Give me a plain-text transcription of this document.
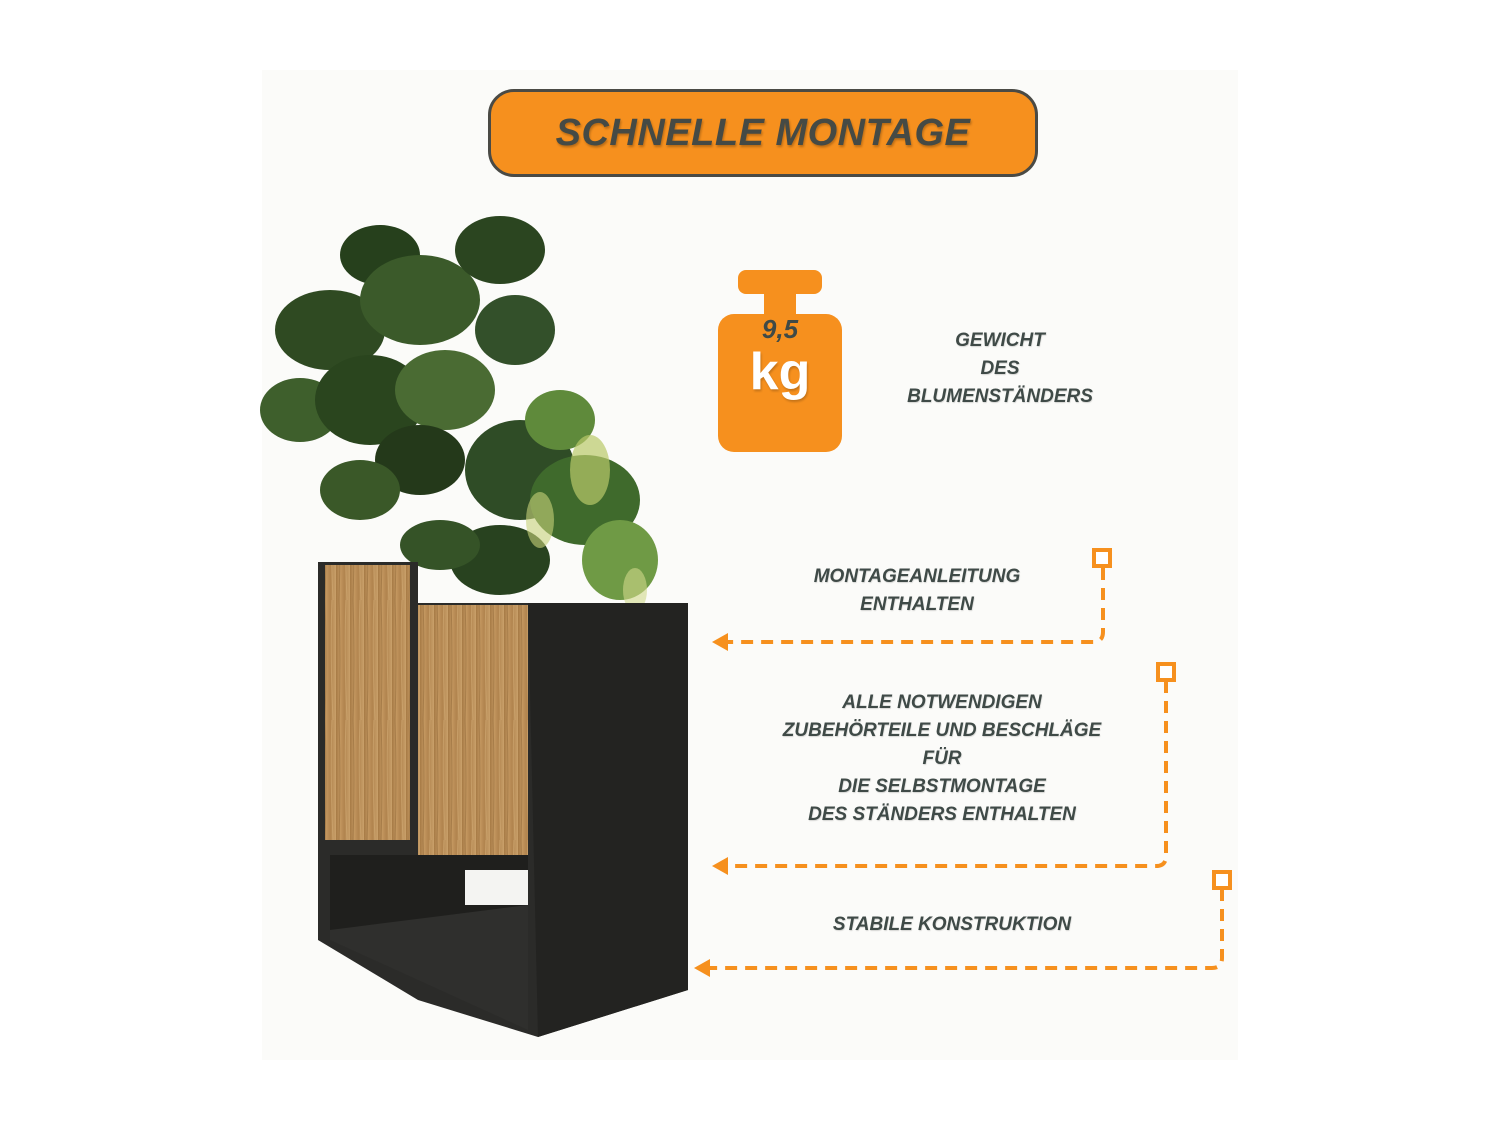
SCHNELLE MONTAGE
9,5
kg
GEWICHT
DES
BLUMENSTÄNDERS
MONTAGEANLEITUNG
ENTHALTEN
ALLE NOTWENDIGEN
ZUBEHÖRTEILE UND BESCHLÄGE
FÜR
DIE SELBSTMONTAGE
DES STÄNDERS ENTHALTEN
STABILE KONSTRUKTION
